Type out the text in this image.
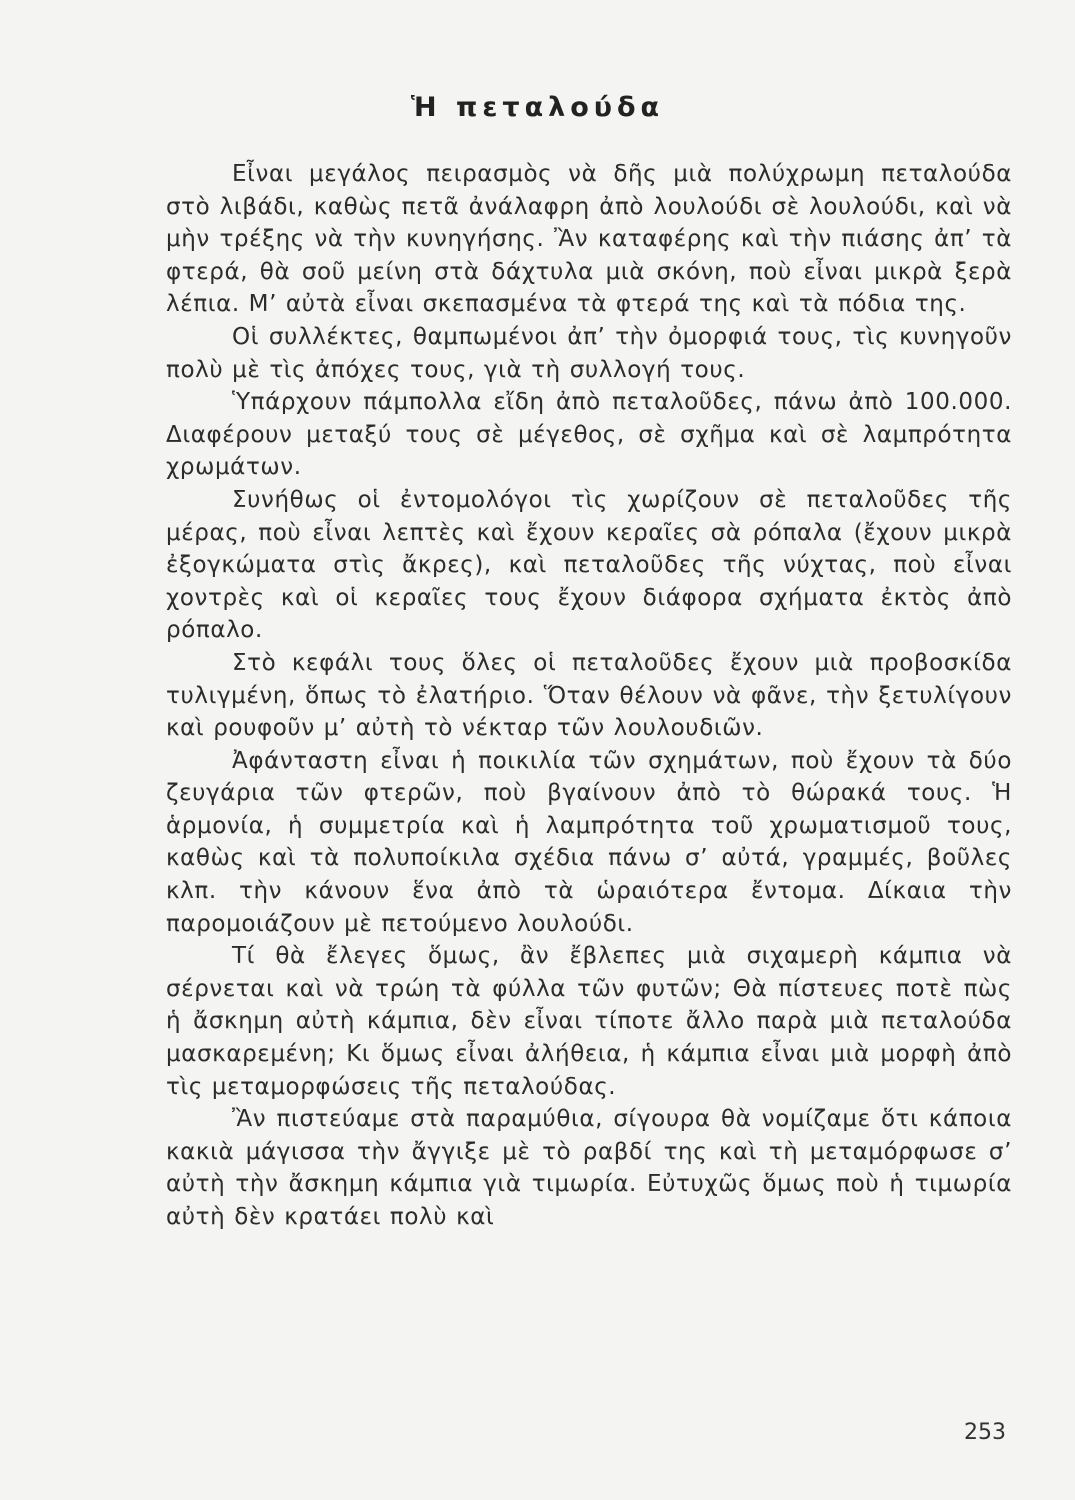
Ἡ πεταλούδα

Εἶναι μεγάλος πειρασμὸς νὰ δῆς μιὰ πολύχρωμη πεταλούδα στὸ λιβάδι, καθὼς πετᾶ ἀνάλαφρη ἀπὸ λουλούδι σὲ λουλούδι, καὶ νὰ μὴν τρέξης νὰ τὴν κυνηγήσης. Ἂν καταφέρης καὶ τὴν πιάσης ἀπ’ τὰ φτερά, θὰ σοῦ μείνη στὰ δάχτυλα μιὰ σκόνη, ποὺ εἶναι μικρὰ ξερὰ λέπια. Μ’ αὐτὰ εἶναι σκεπασμένα τὰ φτερά της καὶ τὰ πόδια της.

Οἱ συλλέκτες, θαμπωμένοι ἀπ’ τὴν ὀμορφιά τους, τὶς κυνηγοῦν πολὺ μὲ τὶς ἀπόχες τους, γιὰ τὴ συλλογή τους.

Ὑπάρχουν πάμπολλα εἴδη ἀπὸ πεταλοῦδες, πάνω ἀπὸ 100.000. Διαφέρουν μεταξύ τους σὲ μέγεθος, σὲ σχῆμα καὶ σὲ λαμπρότητα χρωμάτων.

Συνήθως οἱ ἐντομολόγοι τὶς χωρίζουν σὲ πεταλοῦδες τῆς μέρας, ποὺ εἶναι λεπτὲς καὶ ἔχουν κεραῖες σὰ ρόπαλα (ἔχουν μικρὰ ἐξογκώματα στὶς ἄκρες), καὶ πεταλοῦδες τῆς νύχτας, ποὺ εἶναι χοντρὲς καὶ οἱ κεραῖες τους ἔχουν διάφορα σχήματα ἐκτὸς ἀπὸ ρόπαλο.

Στὸ κεφάλι τους ὅλες οἱ πεταλοῦδες ἔχουν μιὰ προβοσκίδα τυλιγμένη, ὅπως τὸ ἐλατήριο. Ὅταν θέλουν νὰ φᾶνε, τὴν ξετυλίγουν καὶ ρουφοῦν μ’ αὐτὴ τὸ νέκταρ τῶν λουλουδιῶν.

Ἀφάνταστη εἶναι ἡ ποικιλία τῶν σχημάτων, ποὺ ἔχουν τὰ δύο ζευγάρια τῶν φτερῶν, ποὺ βγαίνουν ἀπὸ τὸ θώρακά τους. Ἡ ἁρμονία, ἡ συμμετρία καὶ ἡ λαμπρότητα τοῦ χρωματισμοῦ τους, καθὼς καὶ τὰ πολυποίκιλα σχέδια πάνω σ’ αὐτά, γραμμές, βοῦλες κλπ. τὴν κάνουν ἕνα ἀπὸ τὰ ὡραιότερα ἔντομα. Δίκαια τὴν παρομοιάζουν μὲ πετούμενο λουλούδι.

Τί θὰ ἔλεγες ὅμως, ἂν ἔβλεπες μιὰ σιχαμερὴ κάμπια νὰ σέρνεται καὶ νὰ τρώη τὰ φύλλα τῶν φυτῶν; Θὰ πίστευες ποτὲ πὼς ἡ ἄσκημη αὐτὴ κάμπια, δὲν εἶναι τίποτε ἄλλο παρὰ μιὰ πεταλούδα μασκαρεμένη; Κι ὅμως εἶναι ἀλήθεια, ἡ κάμπια εἶναι μιὰ μορφὴ ἀπὸ τὶς μεταμορφώσεις τῆς πεταλούδας.

Ἂν πιστεύαμε στὰ παραμύθια, σίγουρα θὰ νομίζαμε ὅτι κάποια κακιὰ μάγισσα τὴν ἄγγιξε μὲ τὸ ραβδί της καὶ τὴ μεταμόρφωσε σ’ αὐτὴ τὴν ἄσκημη κάμπια γιὰ τιμωρία. Εὐτυχῶς ὅμως ποὺ ἡ τιμωρία αὐτὴ δὲν κρατάει πολὺ καὶ

253
